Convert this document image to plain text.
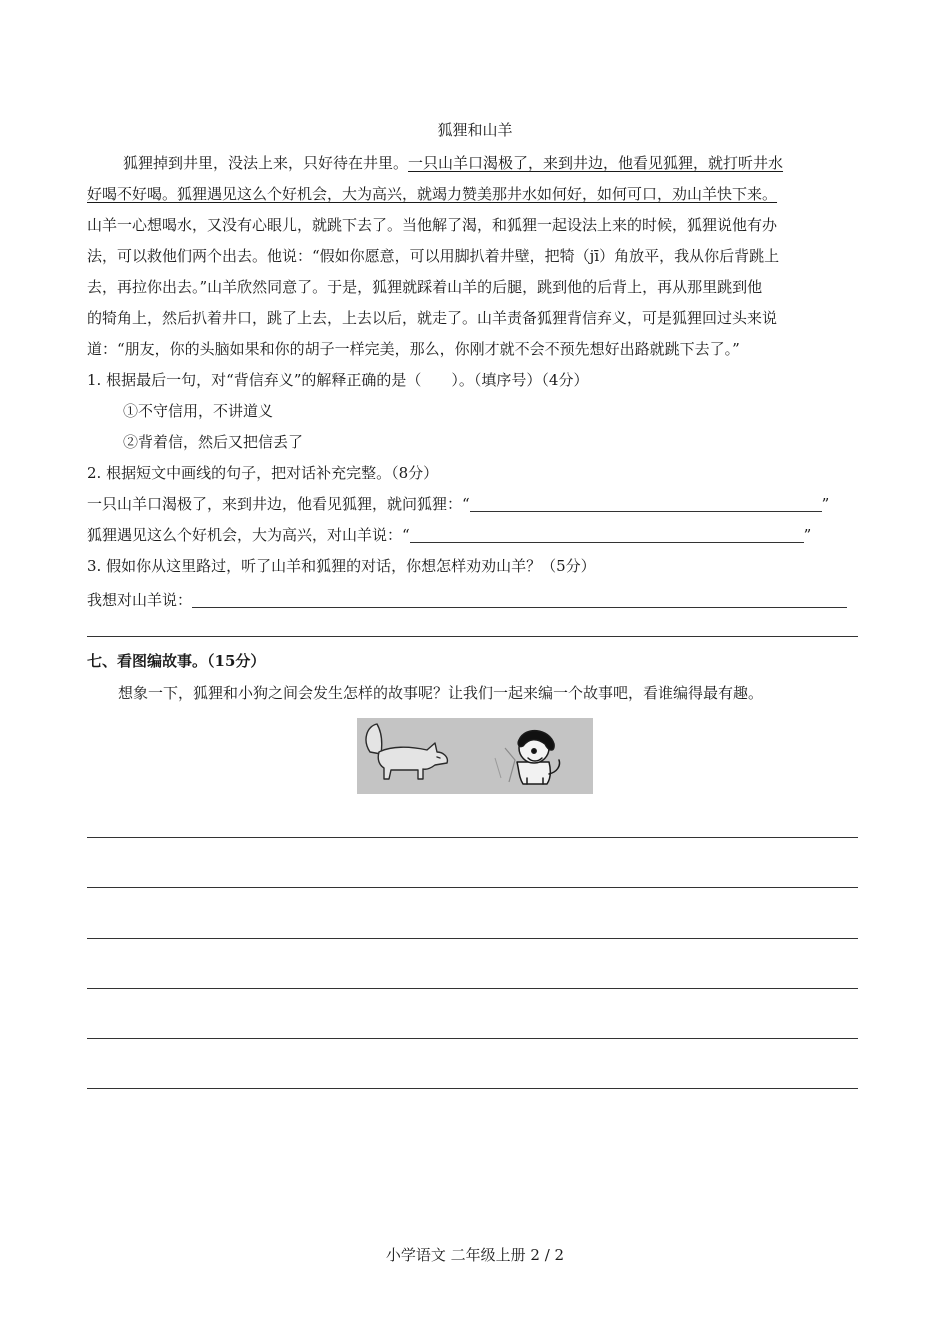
狐狸和山羊
狐狸掉到井里，没法上来，只好待在井里。一只山羊口渴极了，来到井边，他看见狐狸，就打听井水
好喝不好喝。狐狸遇见这么个好机会，大为高兴，就竭力赞美那井水如何好，如何可口，劝山羊快下来。
山羊一心想喝水，又没有心眼儿，就跳下去了。当他解了渴，和狐狸一起设法上来的时候，狐狸说他有办
法，可以救他们两个出去。他说：“假如你愿意，可以用脚扒着井壁，把犄（jī）角放平，我从你后背跳上
去，再拉你出去。”山羊欣然同意了。于是，狐狸就踩着山羊的后腿，跳到他的后背上，再从那里跳到他
的犄角上，然后扒着井口，跳了上去，上去以后，就走了。山羊责备狐狸背信弃义，可是狐狸回过头来说
道：“朋友，你的头脑如果和你的胡子一样完美，那么，你刚才就不会不预先想好出路就跳下去了。”
1. 根据最后一句，对“背信弃义”的解释正确的是（　　）。（填序号）（4分）
①不守信用，不讲道义
②背着信，然后又把信丢了
2. 根据短文中画线的句子，把对话补充完整。（8分）
一只山羊口渴极了，来到井边，他看见狐狸，就问狐狸：“	”
狐狸遇见这么个好机会，大为高兴，对山羊说：“	”
3. 假如你从这里路过，听了山羊和狐狸的对话，你想怎样劝劝山羊？（5分）
我想对山羊说：
七、看图编故事。（15分）
想象一下，狐狸和小狗之间会发生怎样的故事呢？让我们一起来编一个故事吧，看谁编得最有趣。
小学语文 二年级上册 2 / 2
